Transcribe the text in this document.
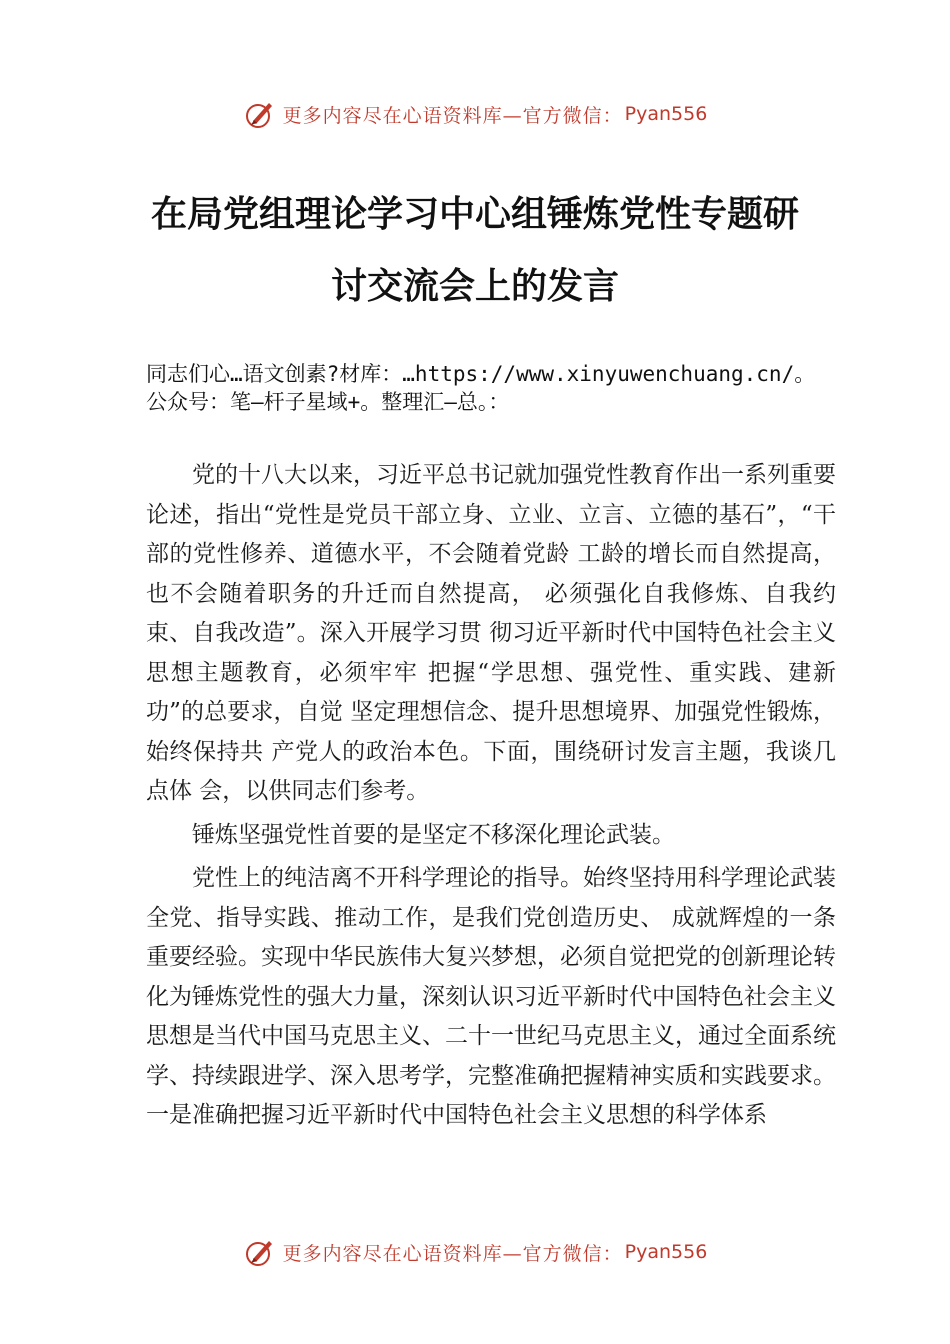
更多内容尽在心语资料库—官方微信： Pyan556
在局党组理论学习中心组锤炼党性专题研
讨交流会上的发言
同志们心…语文创素?材库：…https://www.xinyuwenchuang.cn/。公众号：笔—杆子星域+。整理汇—总。：

党的十八大以来，习近平总书记就加强党性教育作出一系列重要论述，指出“党性是党员干部立身、立业、立言、立德的基石”，“干部的党性修养、道德水平，不会随着党龄 工龄的增长而自然提高，也不会随着职务的升迁而自然提高， 必须强化自我修炼、自我约束、自我改造”。深入开展学习贯 彻习近平新时代中国特色社会主义思想主题教育，必须牢牢 把握“学思想、强党性、重实践、建新功”的总要求，自觉 坚定理想信念、提升思想境界、加强党性锻炼，始终保持共 产党人的政治本色。下面，围绕研讨发言主题，我谈几点体 会，以供同志们参考。

锤炼坚强党性首要的是坚定不移深化理论武装。

党性上的纯洁离不开科学理论的指导。始终坚持用科学理论武装全党、指导实践、推动工作，是我们党创造历史、 成就辉煌的一条重要经验。实现中华民族伟大复兴梦想，必须自觉把党的创新理论转化为锤炼党性的强大力量，深刻认识习近平新时代中国特色社会主义思想是当代中国马克思主义、二十一世纪马克思主义，通过全面系统学、持续跟进学、深入思考学，完整准确把握精神实质和实践要求。一是准确把握习近平新时代中国特色社会主义思想的科学体系

更多内容尽在心语资料库—官方微信： Pyan556
